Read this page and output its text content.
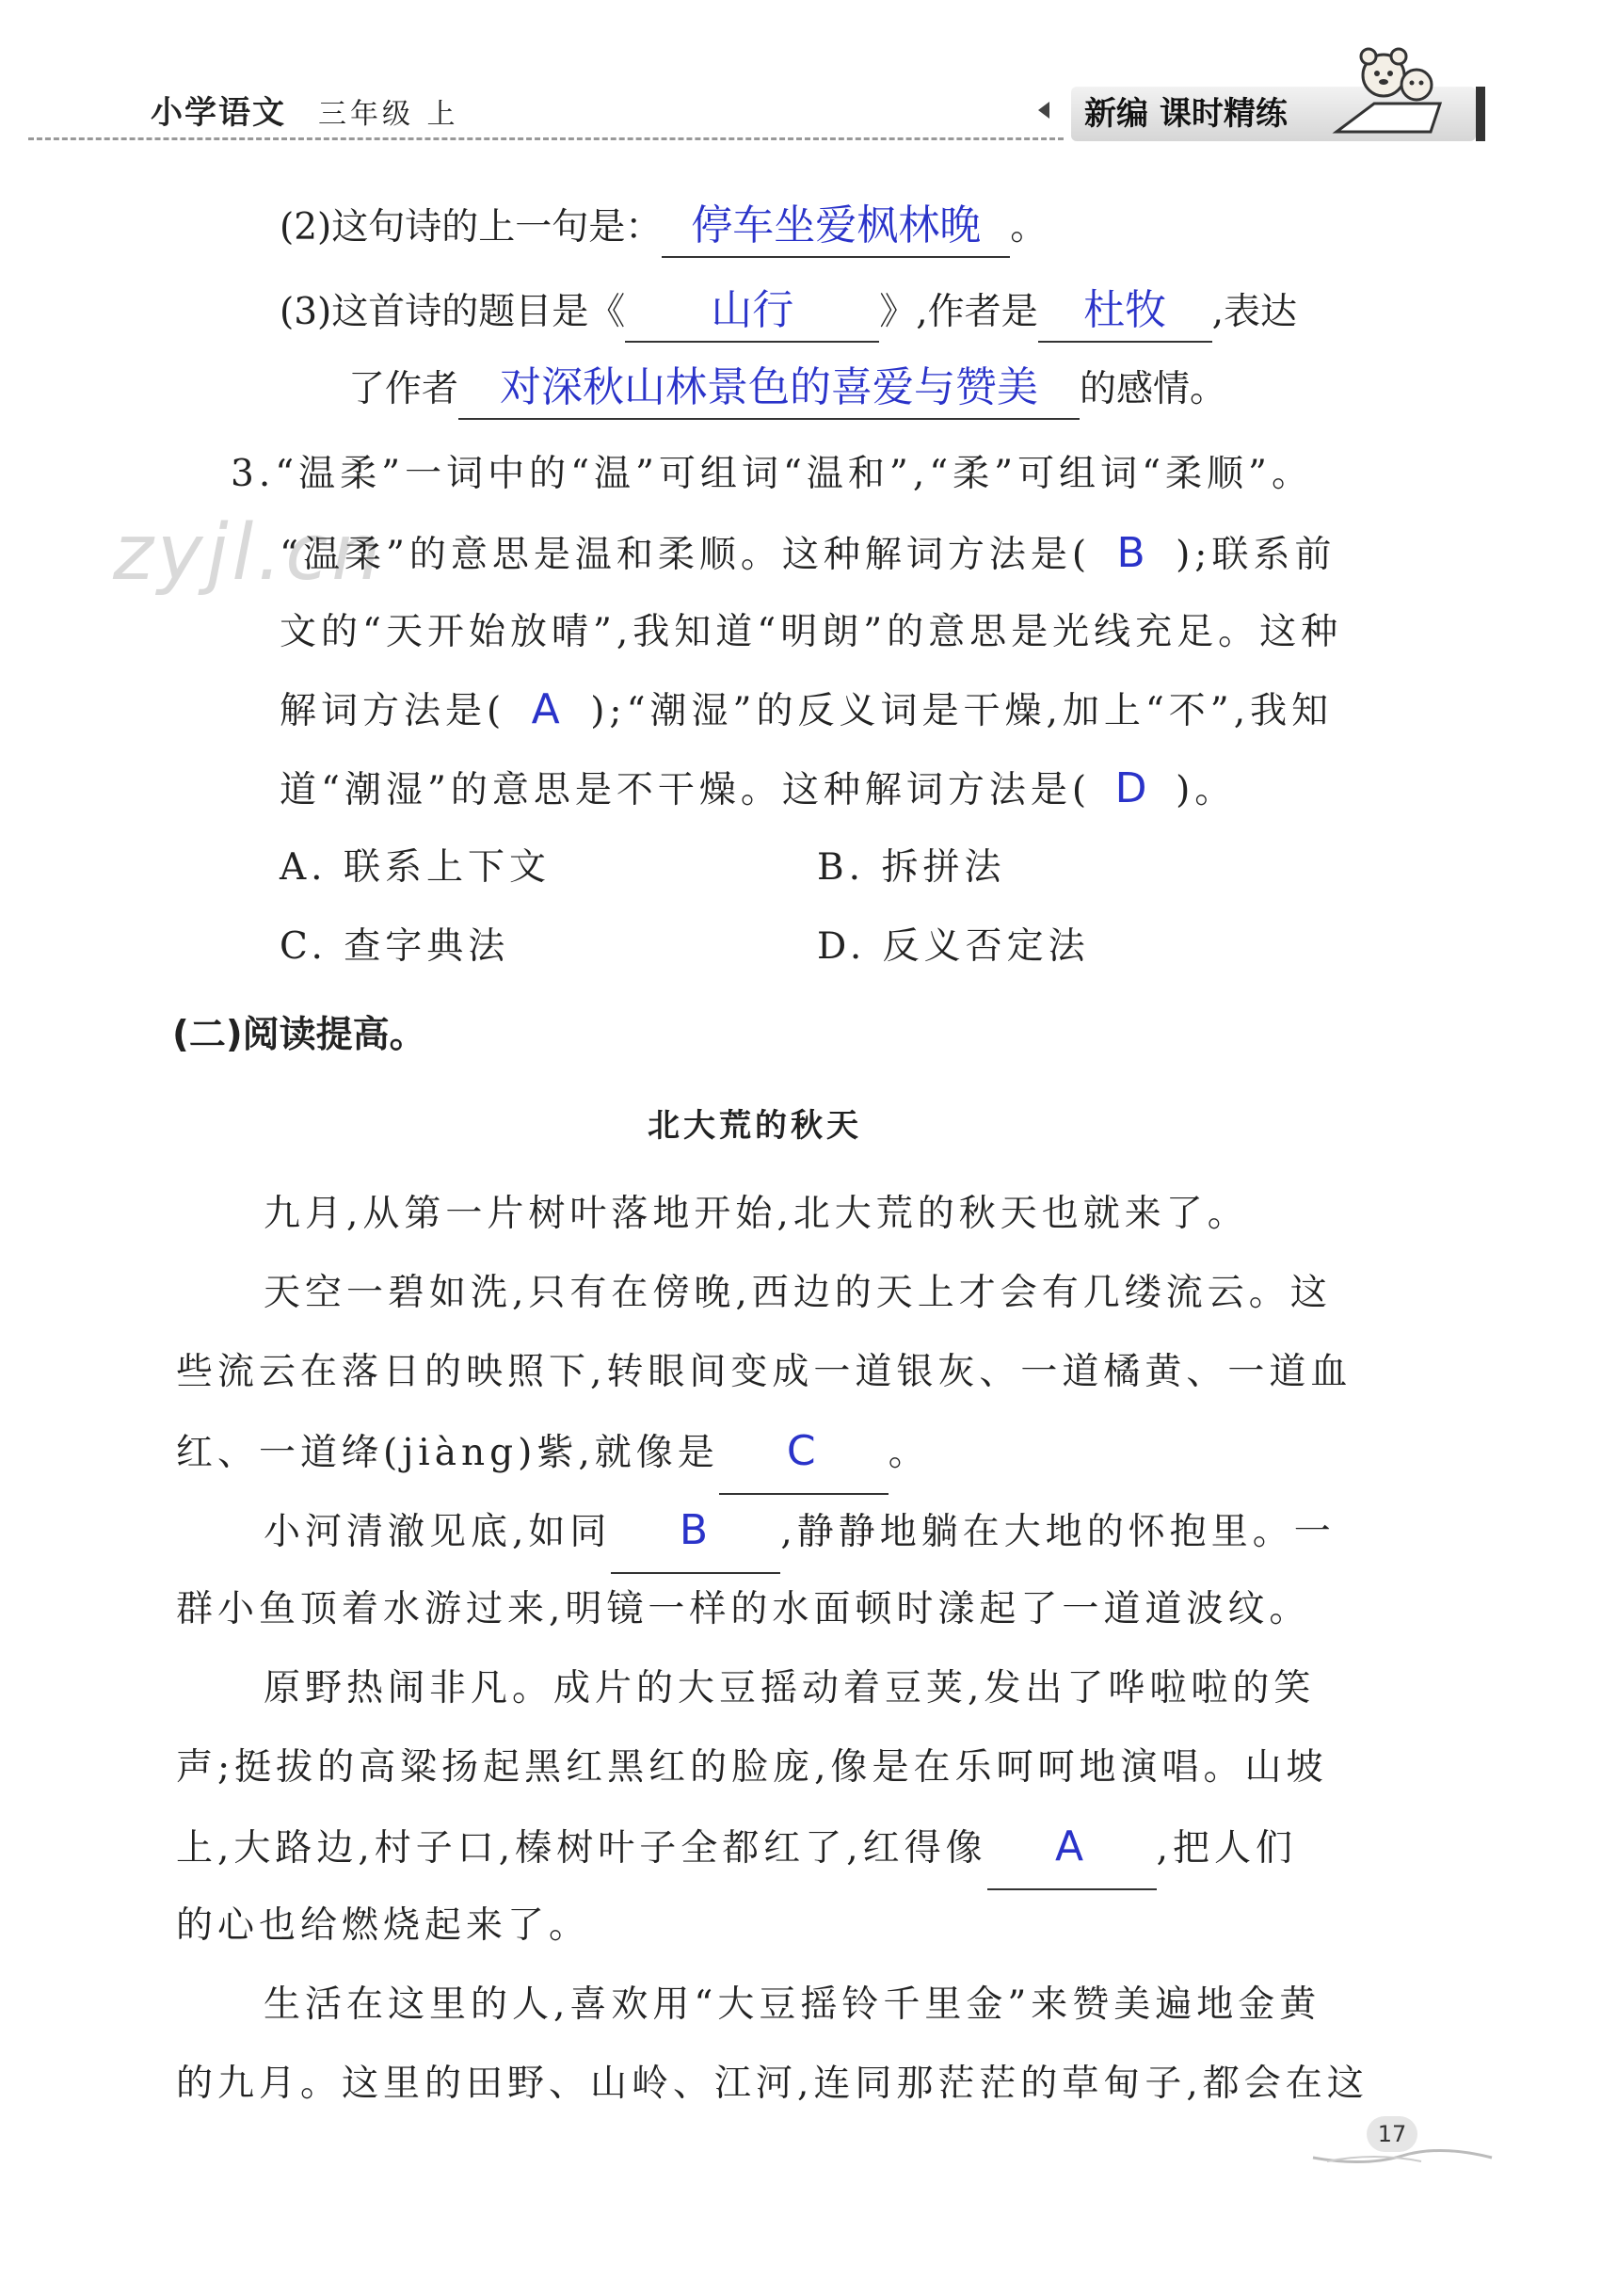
小学语文 三年级 上	新编 课时精练
zyjl.cn
(2)这句诗的上一句是： 停车坐爱枫林晚 。
(3)这首诗的题目是《 山行 》,作者是 杜牧 ,表达
了作者 对深秋山林景色的喜爱与赞美 的感情。
3.“温柔”一词中的“温”可组词“温和”,“柔”可组词“柔顺”。
“温柔”的意思是温和柔顺。这种解词方法是( B );联系前
文的“天开始放晴”,我知道“明朗”的意思是光线充足。这种
解词方法是( A );“潮湿”的反义词是干燥,加上“不”,我知
道“潮湿”的意思是不干燥。这种解词方法是( D )。
A. 联系上下文	B. 拆拼法
C. 查字典法	D. 反义否定法
(二)阅读提高。
北大荒的秋天
九月,从第一片树叶落地开始,北大荒的秋天也就来了。
天空一碧如洗,只有在傍晚,西边的天上才会有几缕流云。这
些流云在落日的映照下,转眼间变成一道银灰、一道橘黄、一道血
红、一道绛(jiàng)紫,就像是 C 。
小河清澈见底,如同 B ,静静地躺在大地的怀抱里。一
群小鱼顶着水游过来,明镜一样的水面顿时漾起了一道道波纹。
原野热闹非凡。成片的大豆摇动着豆荚,发出了哗啦啦的笑
声;挺拔的高粱扬起黑红黑红的脸庞,像是在乐呵呵地演唱。山坡
上,大路边,村子口,榛树叶子全都红了,红得像 A ,把人们
的心也给燃烧起来了。
生活在这里的人,喜欢用“大豆摇铃千里金”来赞美遍地金黄
的九月。这里的田野、山岭、江河,连同那茫茫的草甸子,都会在这
17
